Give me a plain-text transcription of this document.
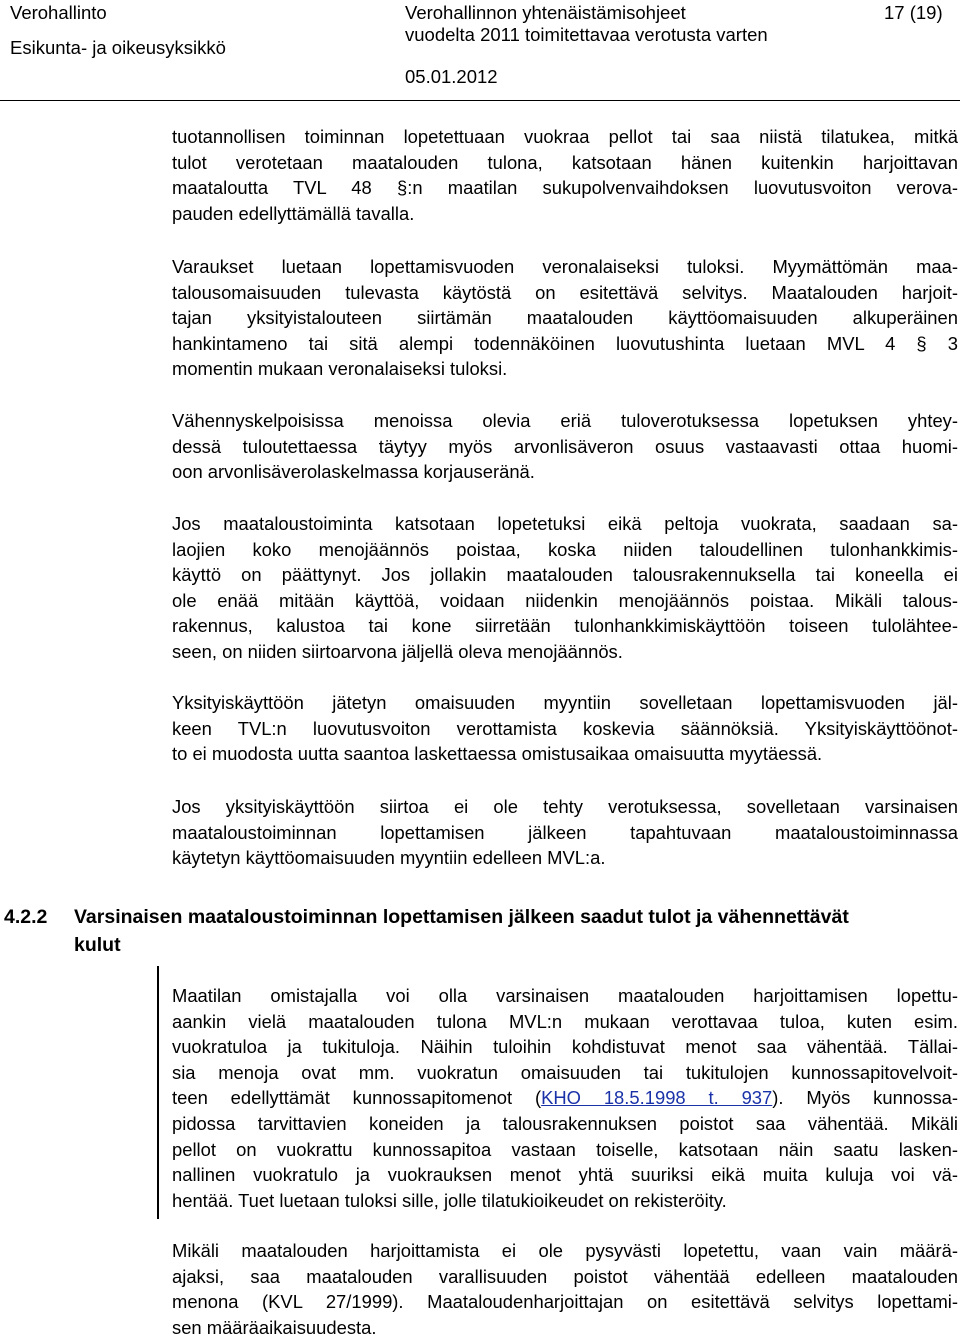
Verohallinto
Esikunta- ja oikeusyksikkö
Verohallinnon yhtenäistämisohjeet
vuodelta 2011 toimitettavaa verotusta varten
05.01.2012
17 (19)
tuotannollisen toiminnan lopetettuaan vuokraa pellot tai saa niistä tilatukea, mitkä
tulot verotetaan maatalouden tulona, katsotaan hänen kuitenkin harjoittavan
maataloutta TVL 48 §:n maatilan sukupolvenvaihdoksen luovutusvoiton verova-
pauden edellyttämällä tavalla.
Varaukset luetaan lopettamisvuoden veronalaiseksi tuloksi. Myymättömän maa-
talousomaisuuden tulevasta käytöstä on esitettävä selvitys. Maatalouden harjoit-
tajan yksityistalouteen siirtämän maatalouden käyttöomaisuuden alkuperäinen
hankintameno tai sitä alempi todennäköinen luovutushinta luetaan MVL 4 § 3
momentin mukaan veronalaiseksi tuloksi.
Vähennyskelpoisissa menoissa olevia eriä tuloverotuksessa lopetuksen yhtey-
dessä tuloutettaessa täytyy myös arvonlisäveron osuus vastaavasti ottaa huomi-
oon arvonlisäverolaskelmassa korjauseränä.
Jos maataloustoiminta katsotaan lopetetuksi eikä peltoja vuokrata, saadaan sa-
laojien koko menojäännös poistaa, koska niiden taloudellinen tulonhankkimis-
käyttö on päättynyt. Jos jollakin maatalouden talousrakennuksella tai koneella ei
ole enää mitään käyttöä, voidaan niidenkin menojäännös poistaa. Mikäli talous-
rakennus, kalustoa tai kone siirretään tulonhankkimiskäyttöön toiseen tulolähtee-
seen, on niiden siirtoarvona jäljellä oleva menojäännös.
Yksityiskäyttöön jätetyn omaisuuden myyntiin sovelletaan lopettamisvuoden jäl-
keen TVL:n luovutusvoiton verottamista koskevia säännöksiä. Yksityiskäyttöönot-
to ei muodosta uutta saantoa laskettaessa omistusaikaa omaisuutta myytäessä.
Jos yksityiskäyttöön siirtoa ei ole tehty verotuksessa, sovelletaan varsinaisen
maataloustoiminnan lopettamisen jälkeen tapahtuvaan maataloustoiminnassa
käytetyn käyttöomaisuuden myyntiin edelleen MVL:a.
4.2.2 Varsinaisen maataloustoiminnan lopettamisen jälkeen saadut tulot ja vähennettävät
kulut
Maatilan omistajalla voi olla varsinaisen maatalouden harjoittamisen lopettu-
aankin vielä maatalouden tulona MVL:n mukaan verottavaa tuloa, kuten esim.
vuokratuloa ja tukituloja. Näihin tuloihin kohdistuvat menot saa vähentää. Tällai-
sia menoja ovat mm. vuokratun omaisuuden tai tukitulojen kunnossapitovelvoit-
teen edellyttämät kunnossapitomenot (KHO 18.5.1998 t. 937). Myös kunnossa-
pidossa tarvittavien koneiden ja talousrakennuksen poistot saa vähentää. Mikäli
pellot on vuokrattu kunnossapitoa vastaan toiselle, katsotaan näin saatu lasken-
nallinen vuokratulo ja vuokrauksen menot yhtä suuriksi eikä muita kuluja voi vä-
hentää. Tuet luetaan tuloksi sille, jolle tilatukioikeudet on rekisteröity.
Mikäli maatalouden harjoittamista ei ole pysyvästi lopetettu, vaan vain määrä-
ajaksi, saa maatalouden varallisuuden poistot vähentää edelleen maatalouden
menona (KVL 27/1999). Maataloudenharjoittajan on esitettävä selvitys lopettami-
sen määräaikaisuudesta.
